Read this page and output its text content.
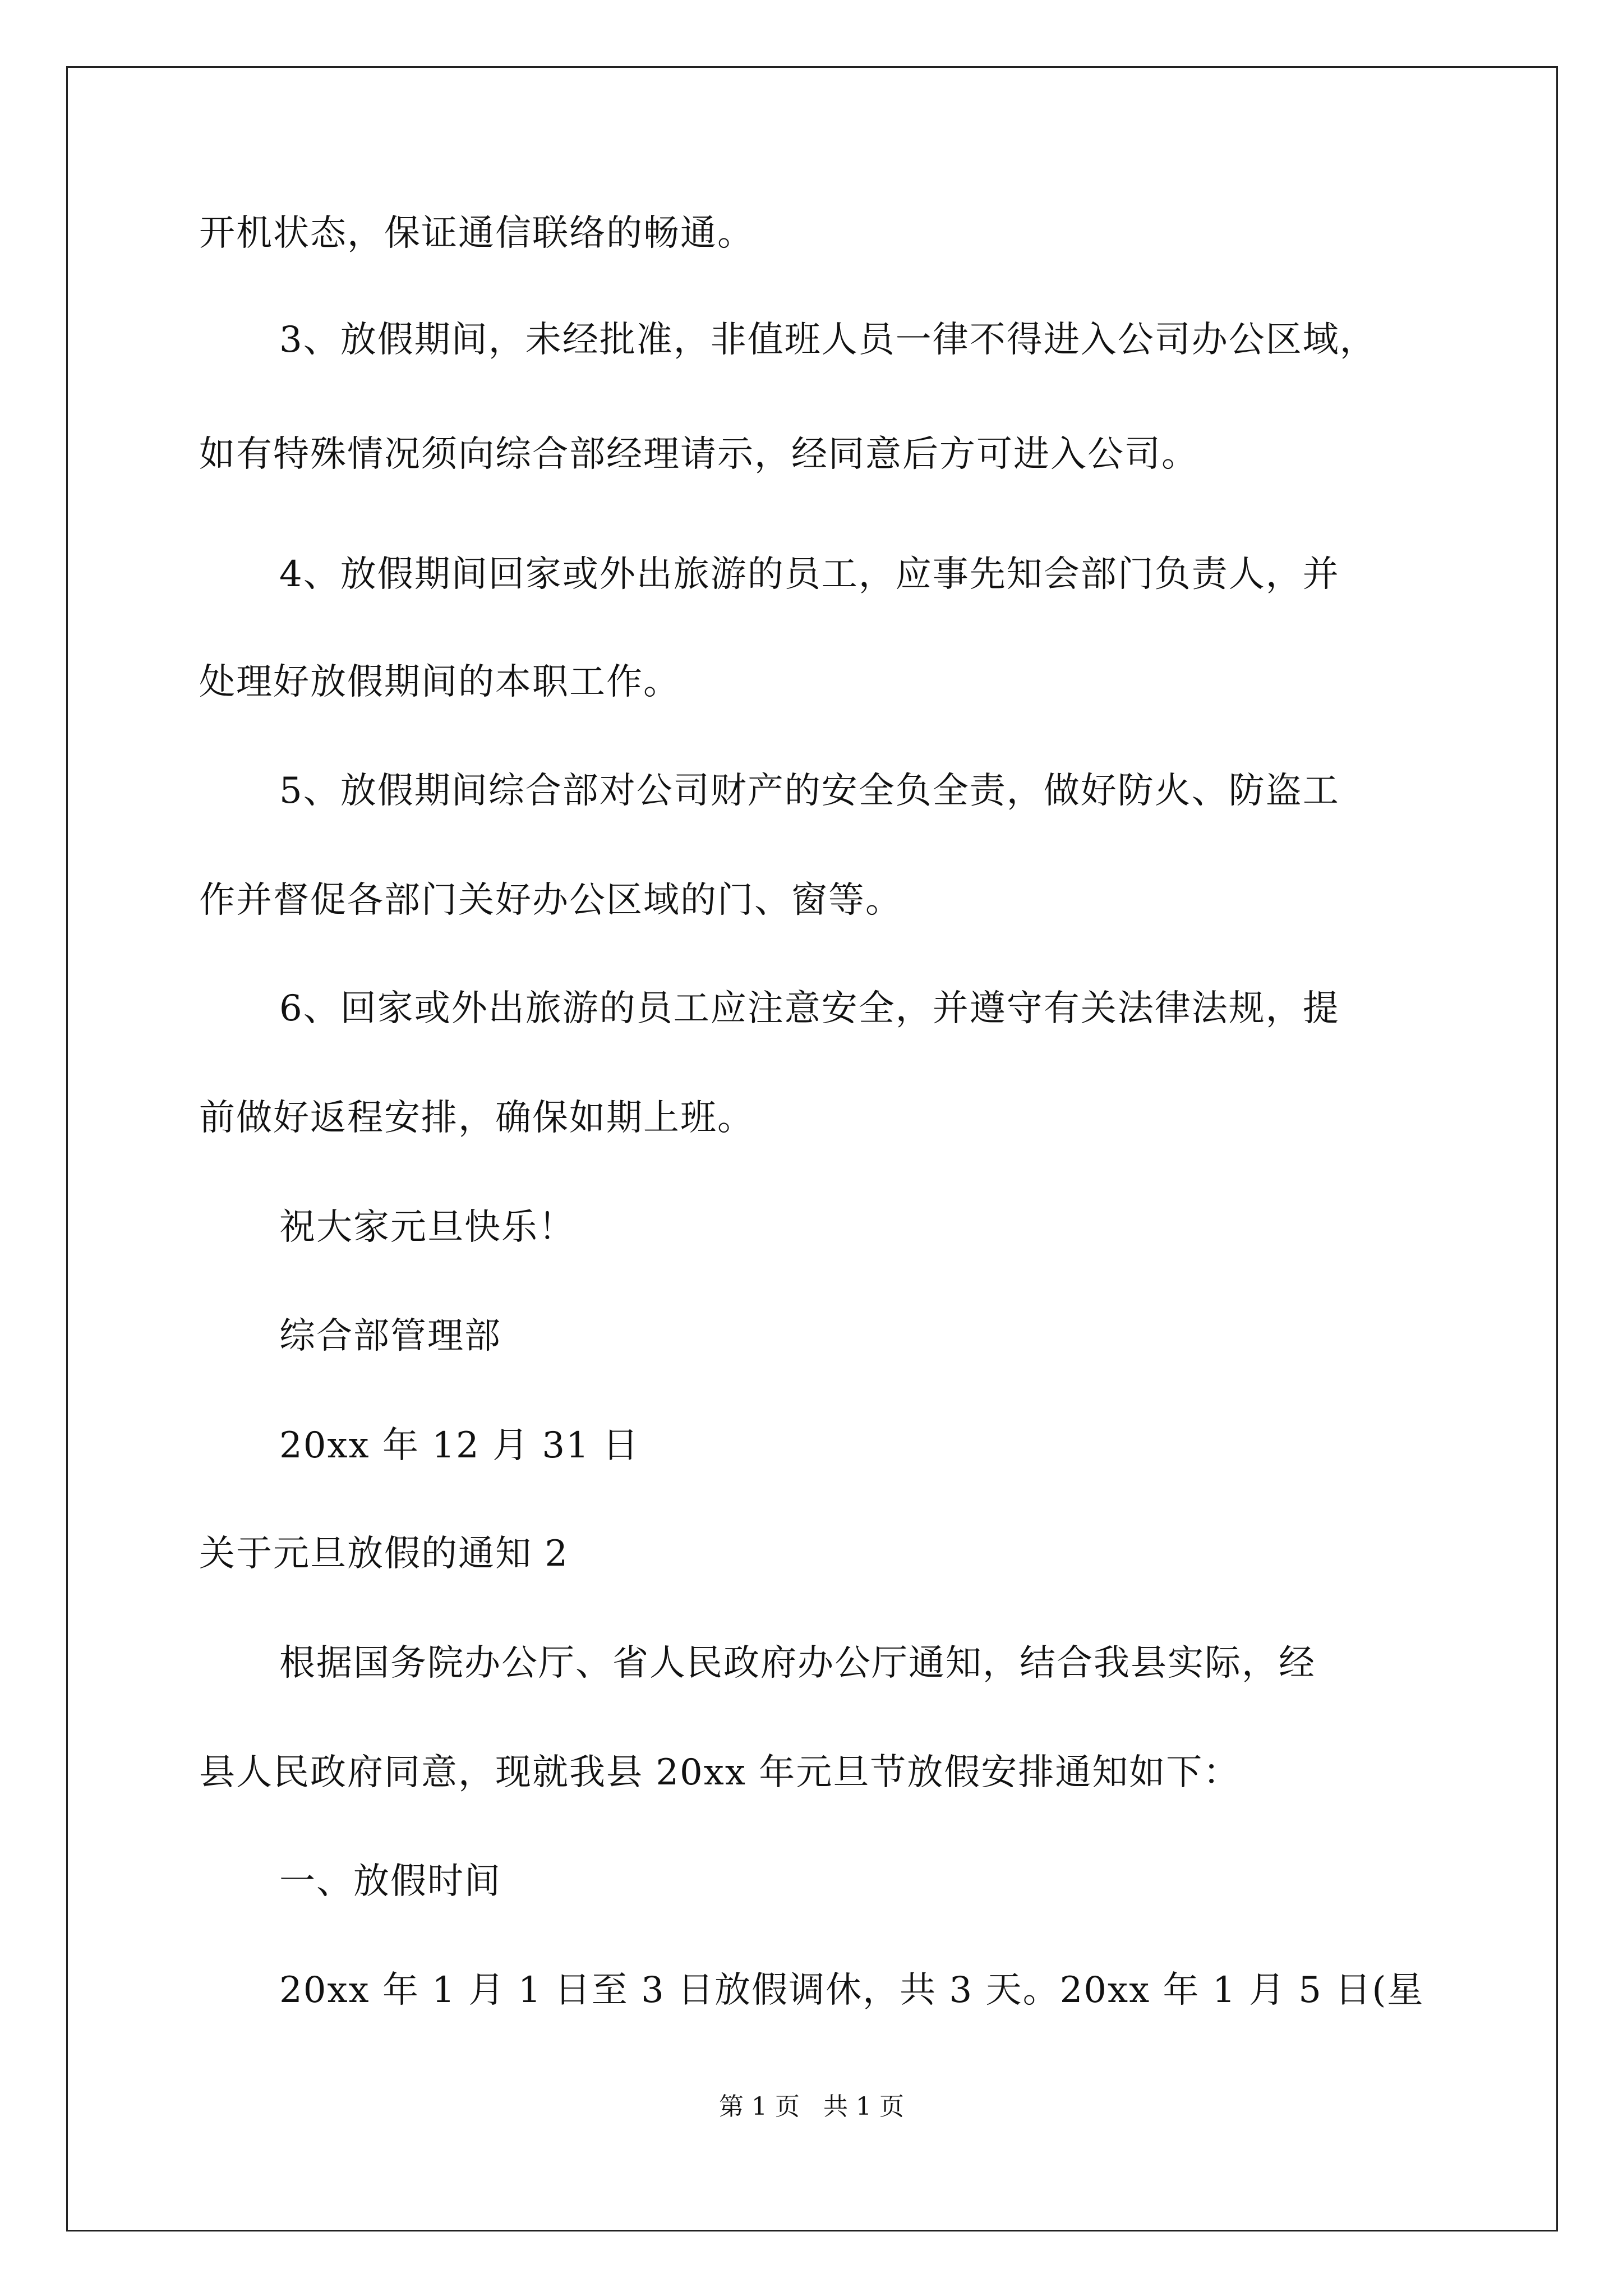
开机状态，保证通信联络的畅通。
3、放假期间，未经批准，非值班人员一律不得进入公司办公区域，
如有特殊情况须向综合部经理请示，经同意后方可进入公司。
4、放假期间回家或外出旅游的员工，应事先知会部门负责人，并
处理好放假期间的本职工作。
5、放假期间综合部对公司财产的安全负全责，做好防火、防盗工
作并督促各部门关好办公区域的门、窗等。
6、回家或外出旅游的员工应注意安全，并遵守有关法律法规，提
前做好返程安排，确保如期上班。
祝大家元旦快乐！
综合部管理部
20xx 年 12 月 31 日
关于元旦放假的通知 2
根据国务院办公厅、省人民政府办公厅通知，结合我县实际，经
县人民政府同意，现就我县 20xx 年元旦节放假安排通知如下：
一、放假时间
20xx 年 1 月 1 日至 3 日放假调休，共 3 天。20xx 年 1 月 5 日(星
第 1 页   共 1 页
